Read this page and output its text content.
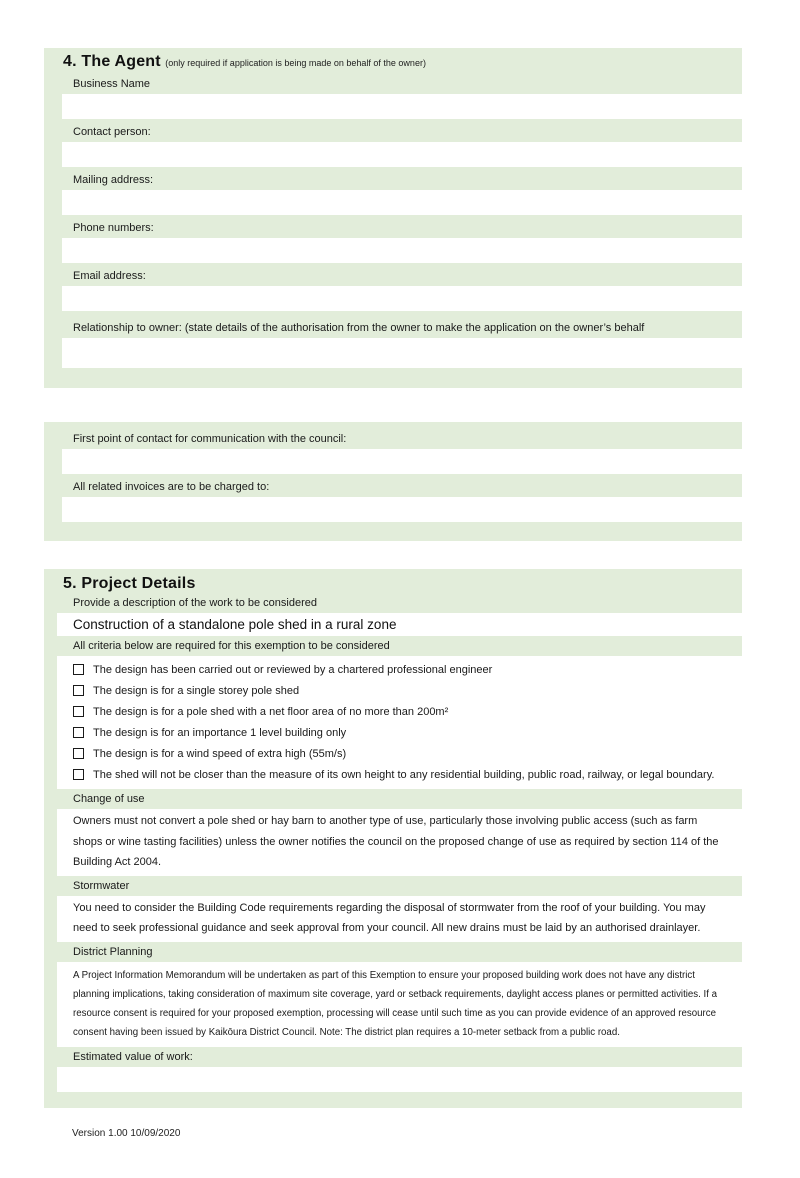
4. The Agent (only required if application is being made on behalf of the owner)
Business Name
Contact person:
Mailing address:
Phone numbers:
Email address:
Relationship to owner: (state details of the authorisation from the owner to make the application on the owner’s behalf
First point of contact for communication with the council:
All related invoices are to be charged to:
5. Project Details
Provide a description of the work to be considered
Construction of a standalone pole shed in a rural zone
All criteria below are required for this exemption to be considered
The design has been carried out or reviewed by a chartered professional engineer
The design is for a single storey pole shed
The design is for a pole shed with a net floor area of no more than 200m²
The design is for an importance 1 level building only
The design is for a wind speed of extra high (55m/s)
The shed will not be closer than the measure of its own height to any residential building, public road, railway, or legal boundary.
Change of use
Owners must not convert a pole shed or hay barn to another type of use, particularly those involving public access (such as farm shops or wine tasting facilities) unless the owner notifies the council on the proposed change of use as required by section 114 of the Building Act 2004.
Stormwater
You need to consider the Building Code requirements regarding the disposal of stormwater from the roof of your building. You may need to seek professional guidance and seek approval from your council. All new drains must be laid by an authorised drainlayer.
District Planning
A Project Information Memorandum will be undertaken as part of this Exemption to ensure your proposed building work does not have any district planning implications, taking consideration of maximum site coverage, yard or setback requirements, daylight access planes or permitted activities. If a resource consent is required for your proposed exemption, processing will cease until such time as you can provide evidence of an approved resource consent having been issued by Kaikōura District Council. Note: The district plan requires a 10-meter setback from a public road.
Estimated value of work:
Version 1.00 10/09/2020
